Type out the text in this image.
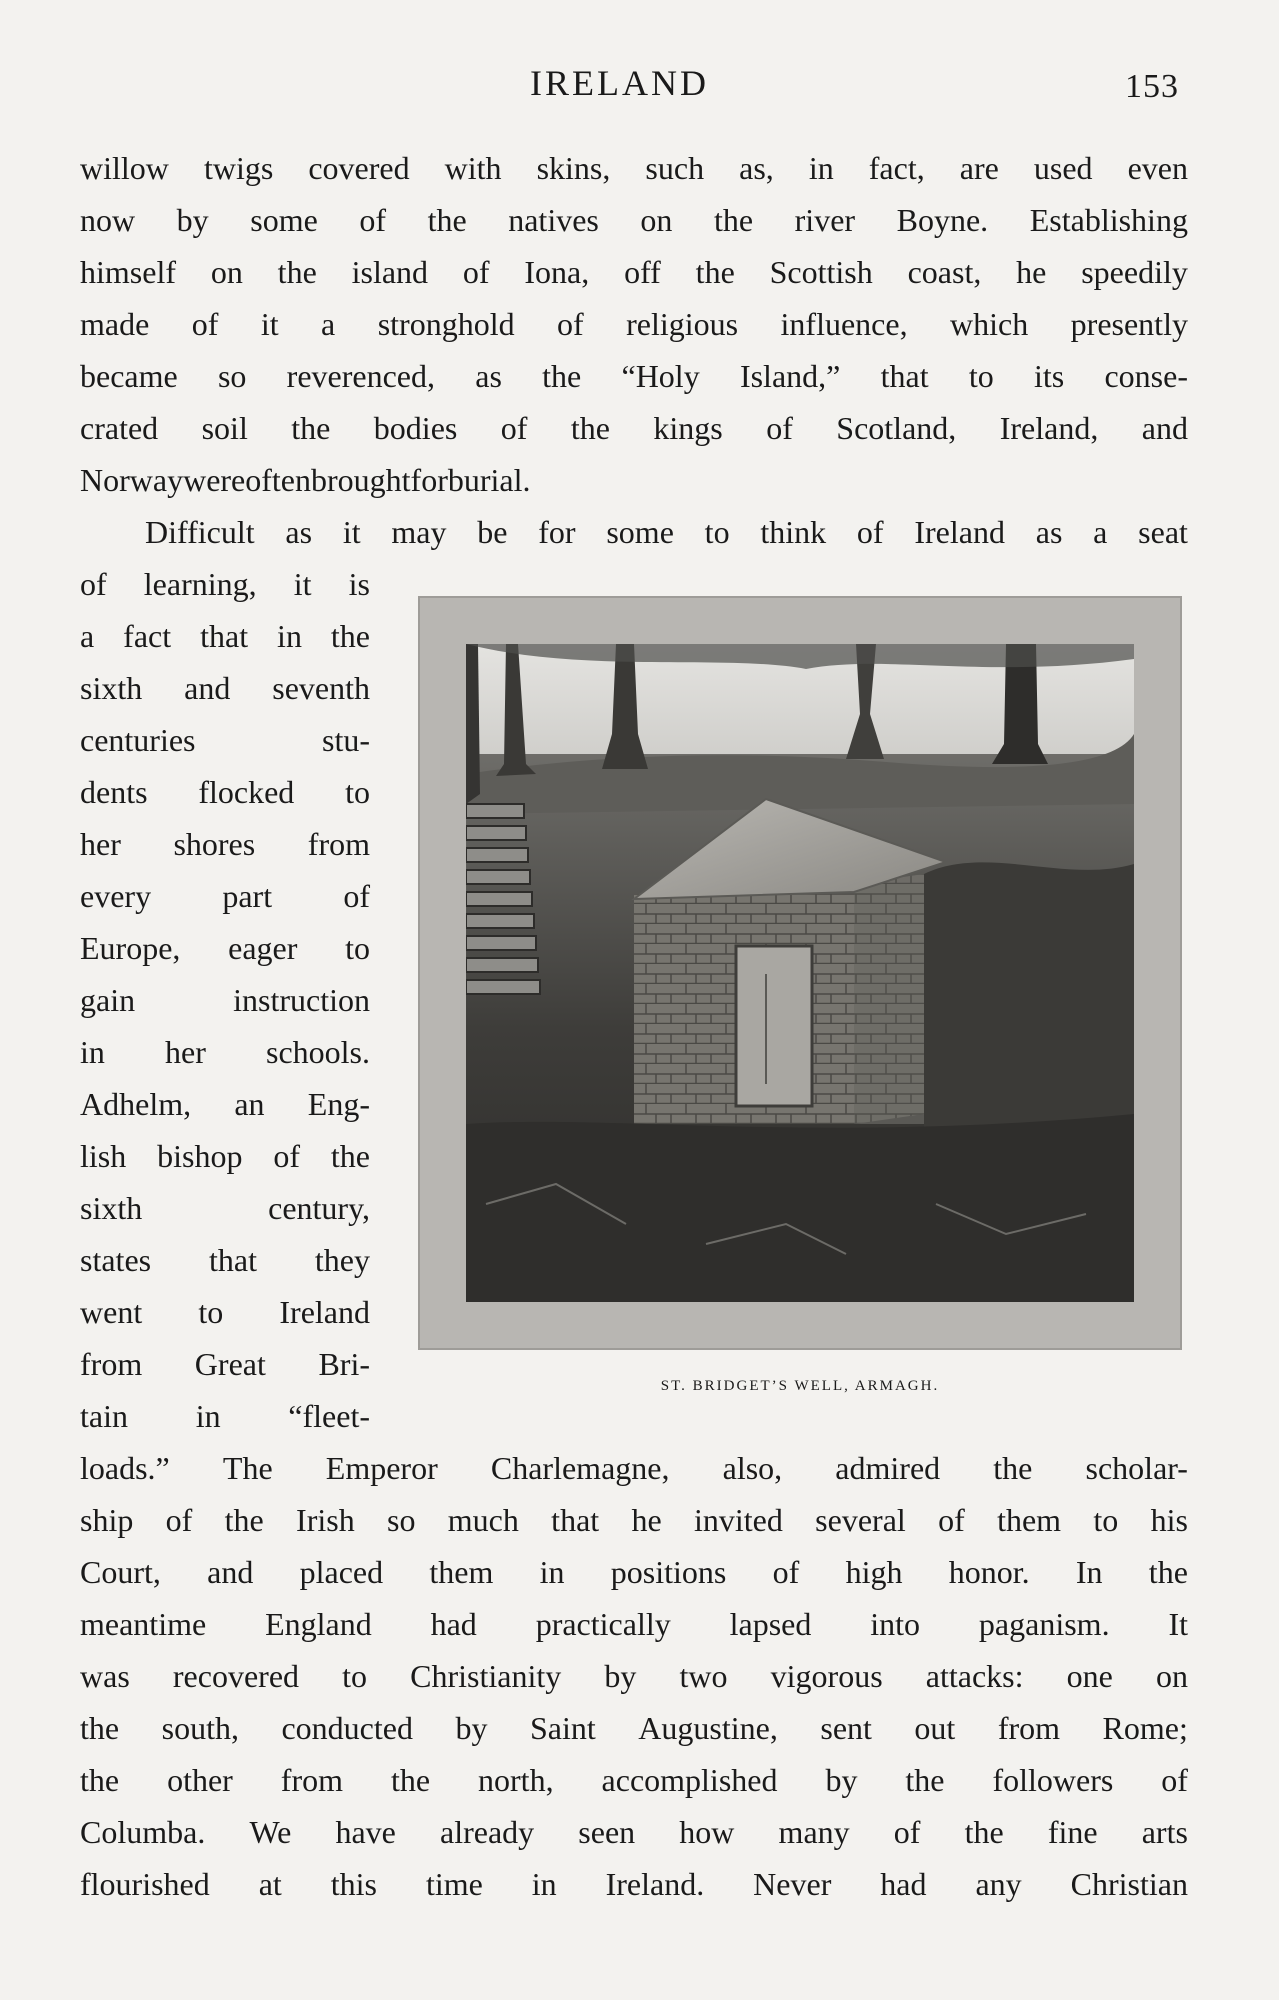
IRELAND	153
willow twigs covered with skins, such as, in fact, are used even
now by some of the natives on the river Boyne. Establishing
himself on the island of Iona, off the Scottish coast, he speedily
made of it a stronghold of religious influence, which presently
became so reverenced, as the “Holy Island,” that to its conse-
crated soil the bodies of the kings of Scotland, Ireland, and
Norway were often brought for burial.
Difficult as it may be for some to think of Ireland as a seat
of learning, it is
a fact that in the
sixth and seventh
centuries	stu-
dents flocked to
her shores from
every part of
Europe, eager to
gain	instruction
in her schools.
Adhelm, an Eng-
lish bishop of the
sixth	century,
states that they
went to Ireland
from Great Bri-
tain in “fleet-
loads.” The Emperor Charlemagne, also, admired the scholar-
ship of the Irish so much that he invited several of them to his
Court, and placed them in positions of high honor. In the
meantime England had practically lapsed into paganism. It
was recovered to Christianity by two vigorous attacks: one on
the south, conducted by Saint Augustine, sent out from Rome;
the other from the north, accomplished by the followers of
Columba. We have already seen how many of the fine arts
flourished at this time in Ireland. Never had any Christian
ST. BRIDGET’S WELL, ARMAGH.
